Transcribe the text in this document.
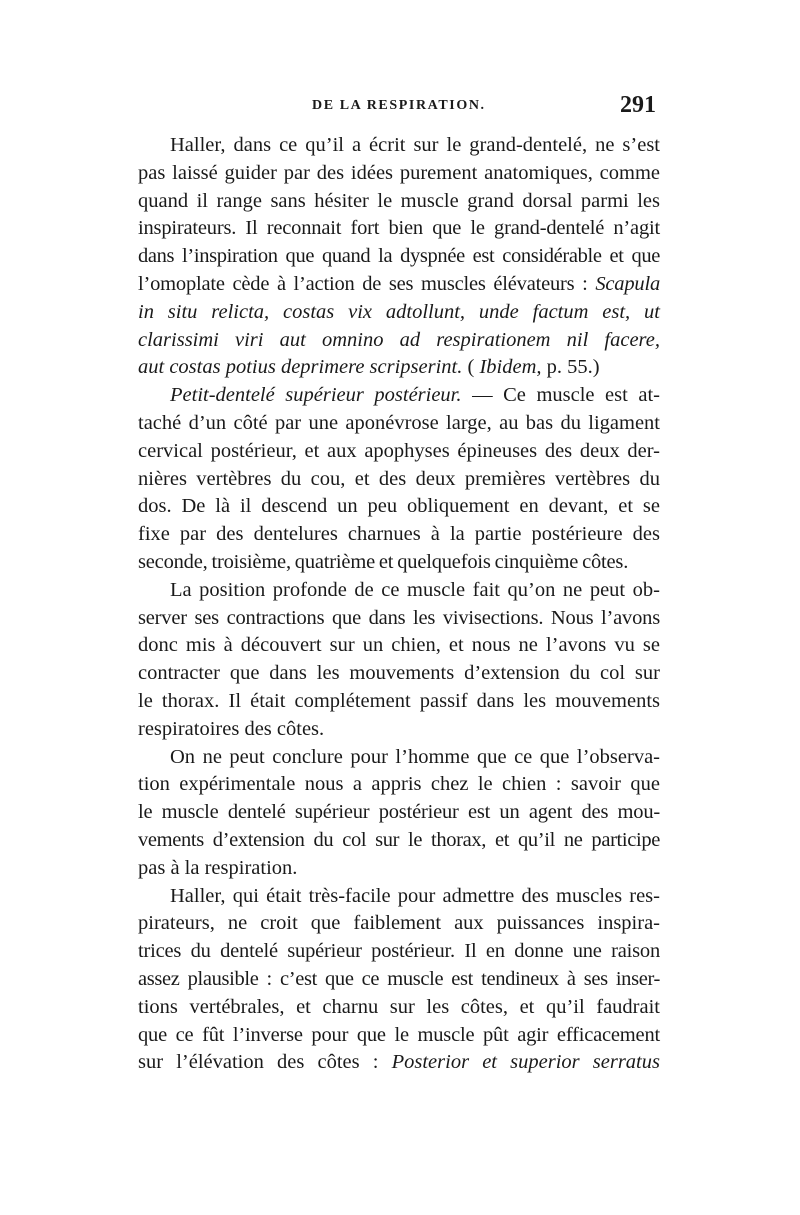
DE LA RESPIRATION.	291

Haller, dans ce qu’il a écrit sur le grand-dentelé, ne s’est
pas laissé guider par des idées purement anatomiques, comme
quand il range sans hésiter le muscle grand dorsal parmi les
inspirateurs. Il reconnait fort bien que le grand-dentelé n’agit
dans l’inspiration que quand la dyspnée est considérable et que
l’omoplate cède à l’action de ses muscles élévateurs : Scapula
in situ relicta, costas vix adtollunt, unde factum est, ut
clarissimi viri aut omnino ad respirationem nil facere,
aut costas potius deprimere scripserint. ( Ibidem, p. 55.)

Petit-dentelé supérieur postérieur. — Ce muscle est at-
taché d’un côté par une aponévrose large, au bas du ligament
cervical postérieur, et aux apophyses épineuses des deux der-
nières vertèbres du cou, et des deux premières vertèbres du
dos. De là il descend un peu obliquement en devant, et se
fixe par des dentelures charnues à la partie postérieure des
seconde, troisième, quatrième et quelquefois cinquième côtes.

La position profonde de ce muscle fait qu’on ne peut ob-
server ses contractions que dans les vivisections. Nous l’avons
donc mis à découvert sur un chien, et nous ne l’avons vu se
contracter que dans les mouvements d’extension du col sur
le thorax. Il était complétement passif dans les mouvements
respiratoires des côtes.

On ne peut conclure pour l’homme que ce que l’observa-
tion expérimentale nous a appris chez le chien : savoir que
le muscle dentelé supérieur postérieur est un agent des mou-
vements d’extension du col sur le thorax, et qu’il ne participe
pas à la respiration.

Haller, qui était très-facile pour admettre des muscles res-
pirateurs, ne croit que faiblement aux puissances inspira-
trices du dentelé supérieur postérieur. Il en donne une raison
assez plausible : c’est que ce muscle est tendineux à ses inser-
tions vertébrales, et charnu sur les côtes, et qu’il faudrait
que ce fût l’inverse pour que le muscle pût agir efficacement
sur l’élévation des côtes : Posterior et superior serratus
